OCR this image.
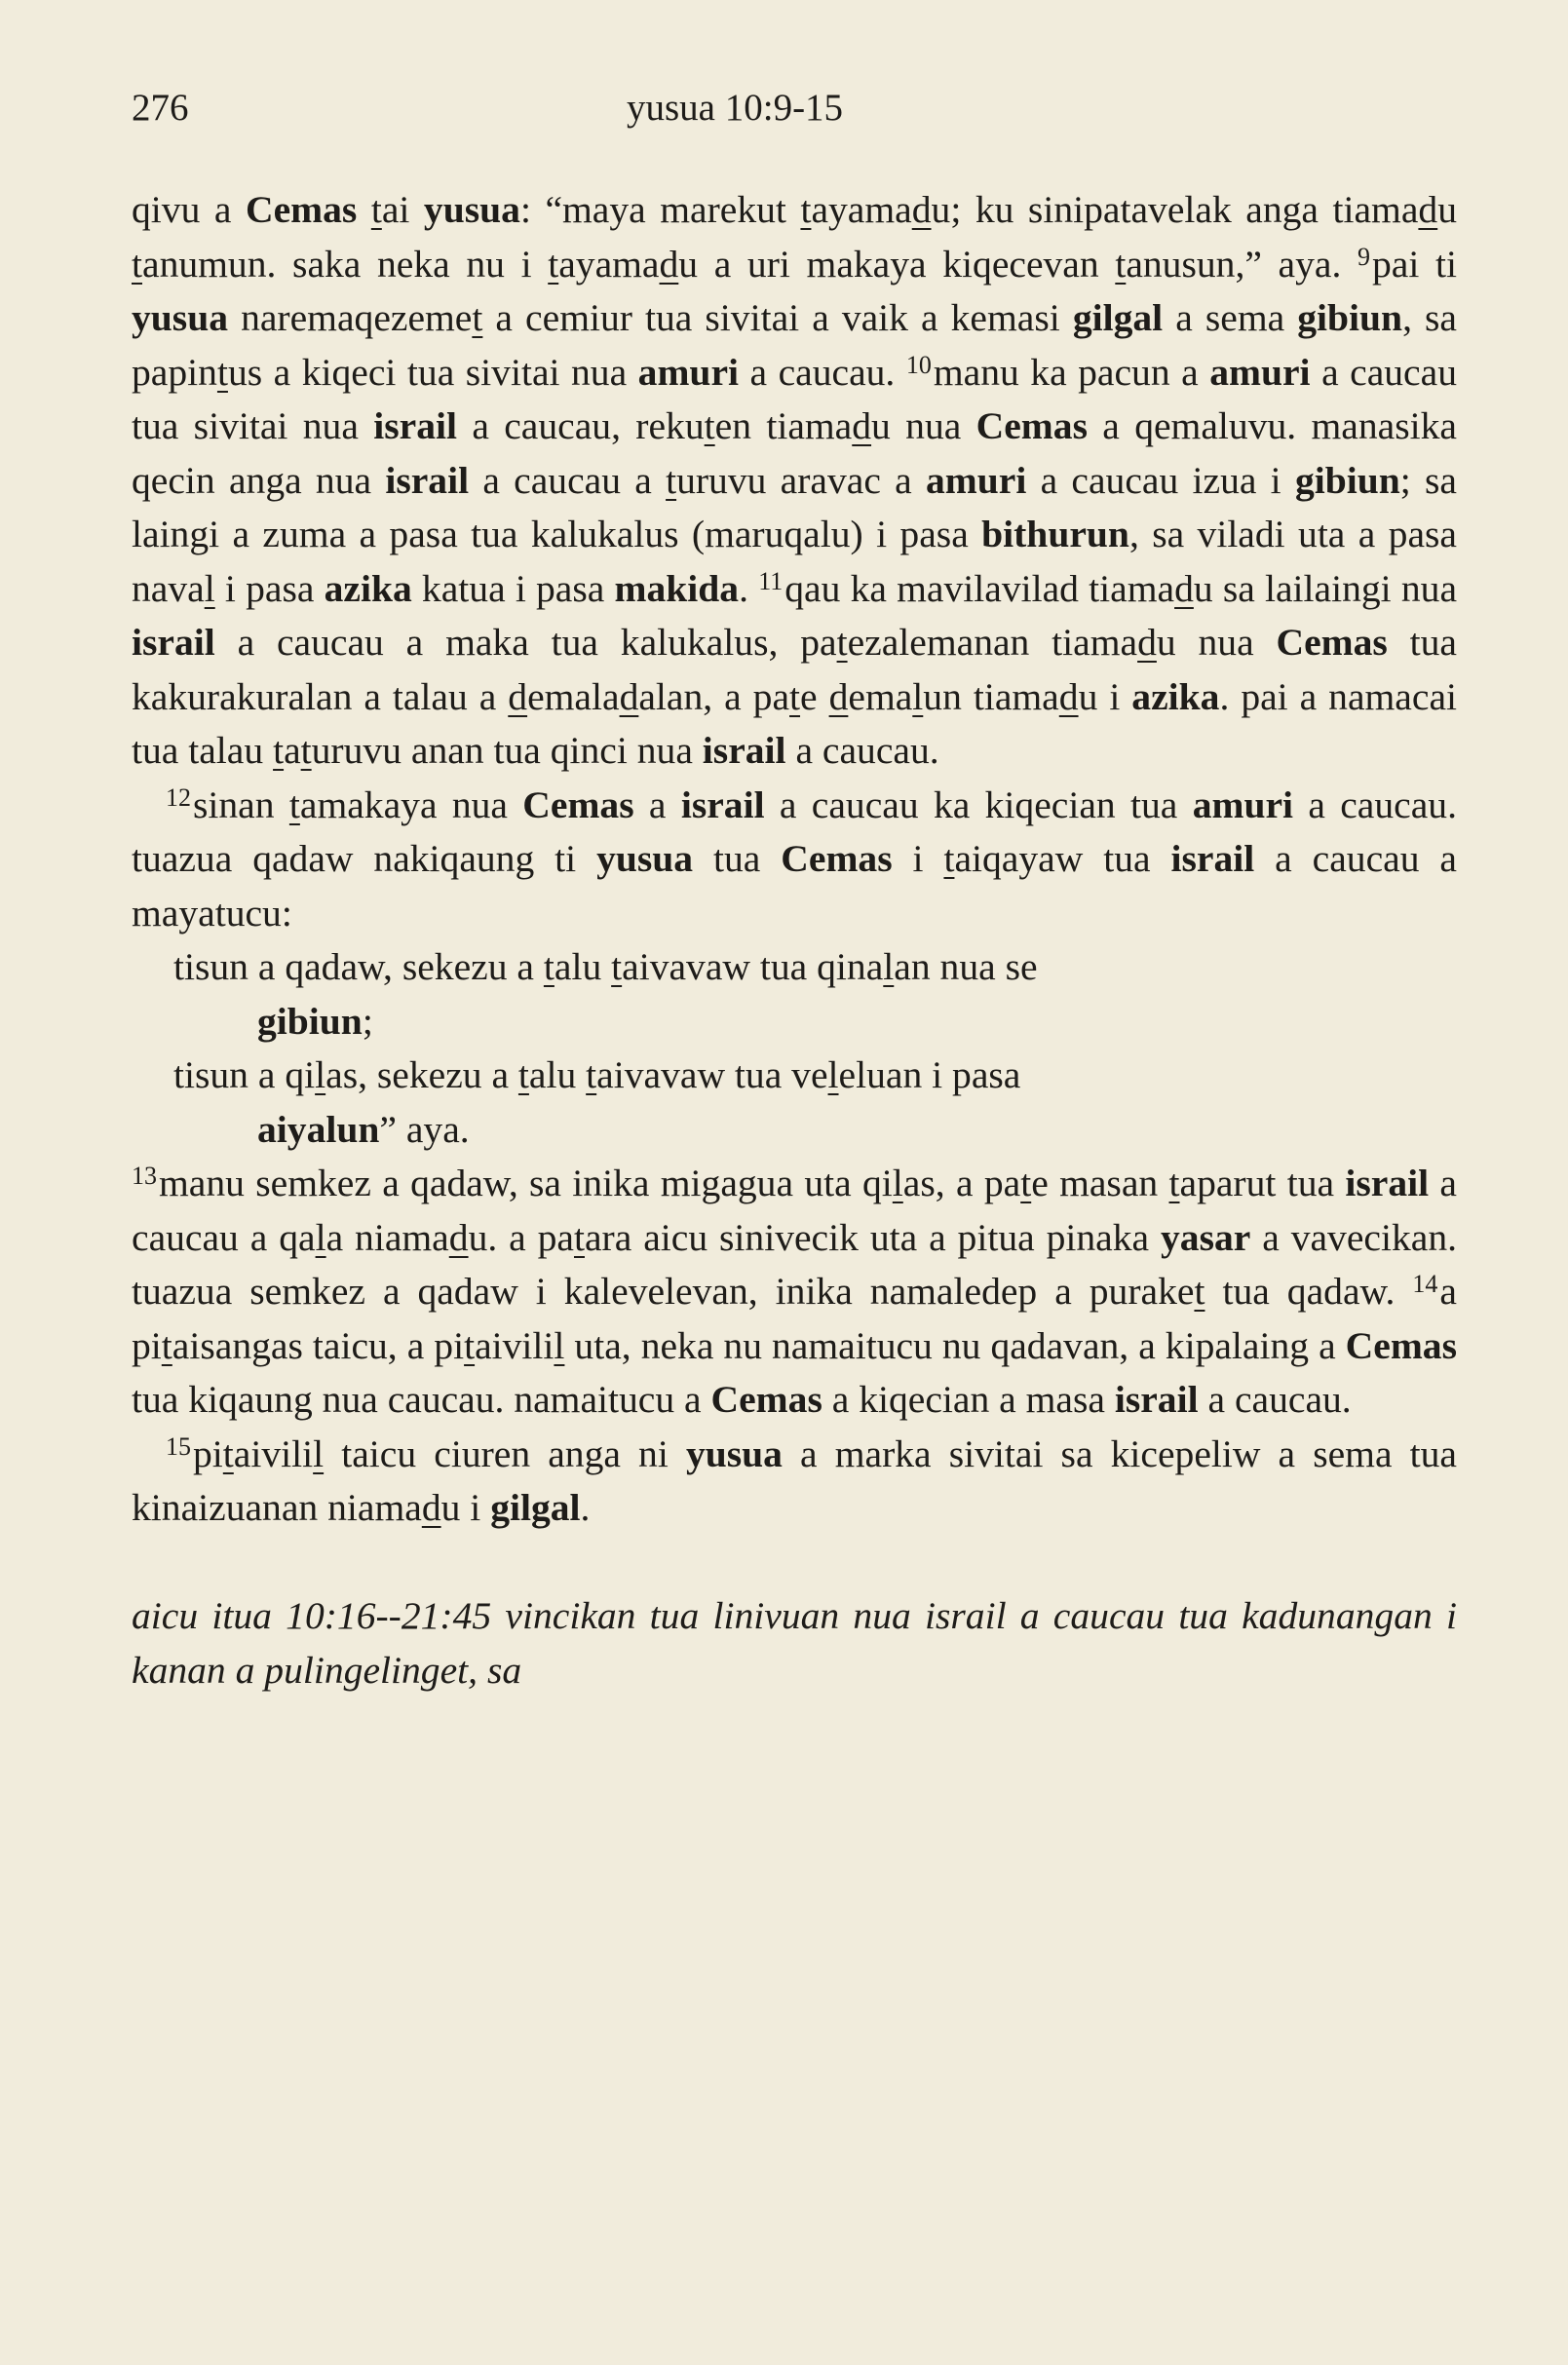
276	yusua 10:9-15

qivu a Cemas tai yusua: “maya marekut tayamadu; ku sinipatavelak anga tiamadu tanumun. saka neka nu i tayamadu a uri makaya kiqecevan tanusun,” aya. $^9$pai ti yusua naremaqezemet a cemiur tua sivitai a vaik a kemasi gilgal a sema gibiun, sa papintus a kiqeci tua sivitai nua amuri a caucau. $^{10}$manu ka pacun a amuri a caucau tua sivitai nua israil a caucau, rekuten tiamadu nua Cemas a qemaluvu. manasika qecin anga nua israil a caucau a turuvu aravac a amuri a caucau izua i gibiun; sa laingi a zuma a pasa tua kalukalus (maruqalu) i pasa bithurun, sa viladi uta a pasa naval i pasa azika katua i pasa makida. $^{11}$qau ka mavilavilad tiamadu sa lailaingi nua israil a caucau a maka tua kalukalus, patezalemanan tiamadu nua Cemas tua kakurakuralan a talau a demaladalan, a pate demalun tiamadu i azika. pai a namacai tua talau taturuvu anan tua qinci nua israil a caucau.

$^{12}$sinan tamakaya nua Cemas a israil a caucau ka kiqecian tua amuri a caucau. tuazua qadaw nakiqaung ti yusua tua Cemas i taiqayaw tua israil a caucau a mayatucu:

tisun a qadaw, sekezu a talu taivavaw tua qinalan nua se
gibiun;
tisun a qilas, sekezu a talu taivavaw tua veleluan i pasa
aiyalun” aya.

$^{13}$manu semkez a qadaw, sa inika migagua uta qilas, a pate masan taparut tua israil a caucau a qala niamadu. a patara aicu sinivecik uta a pitua pinaka yasar a vavecikan. tuazua semkez a qadaw i kalevelevan, inika namaledep a puraket tua qadaw. $^{14}$a pitaisangas taicu, a pitaivilil uta, neka nu namaitucu nu qadavan, a kipalaing a Cemas tua kiqaung nua caucau. namaitucu a Cemas a kiqecian a masa israil a caucau.

$^{15}$pitaivilil taicu ciuren anga ni yusua a marka sivitai sa kicepeliw a sema tua kinaizuanan niamadu i gilgal.

aicu itua 10:16--21:45 vincikan tua linivuan nua israil a caucau tua kadunangan i kanan a pulingelinget, sa
